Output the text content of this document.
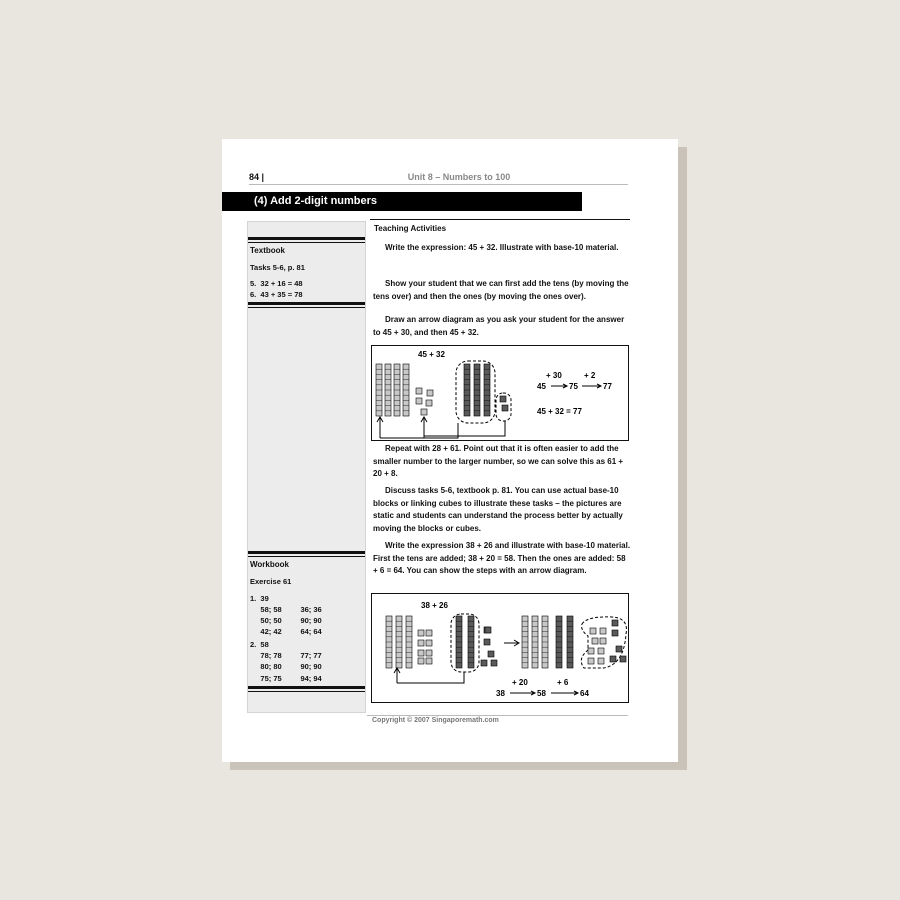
84 |	Unit 8 – Numbers to 100
(4) Add 2-digit numbers
Textbook
Tasks 5-6, p. 81
5.  32 + 16 = 48
6.  43 + 35 = 78
Workbook
Exercise 61
1.  39
58; 58         36; 36
50; 50         90; 90
42; 42         64; 64
2.  58
78; 78         77; 77
80; 80         90; 90
75; 75         94; 94
Teaching Activities
Write the expression: 45 + 32. Illustrate with base-10 material.
Show your student that we can first add the tens (by moving the tens over) and then the ones (by moving the ones over).
Draw an arrow diagram as you ask your student for the answer to 45 + 30, and then 45 + 32.
45 + 32
+ 30	+ 2
45	75	77
45 + 32 = 77
Repeat with 28 + 61. Point out that it is often easier to add the smaller number to the larger number, so we can solve this as 61 + 20 + 8.
Discuss tasks 5-6, textbook p. 81. You can use actual base-10 blocks or linking cubes to illustrate these tasks – the pictures are static and students can understand the process better by actually moving the blocks or cubes.
Write the expression 38 + 26 and illustrate with base-10 material. First the tens are added; 38 + 20 = 58. Then the ones are added: 58 + 6 = 64. You can show the steps with an arrow diagram.
38 + 26
+ 20	+ 6
38	58	64
Copyright © 2007 Singaporemath.com
